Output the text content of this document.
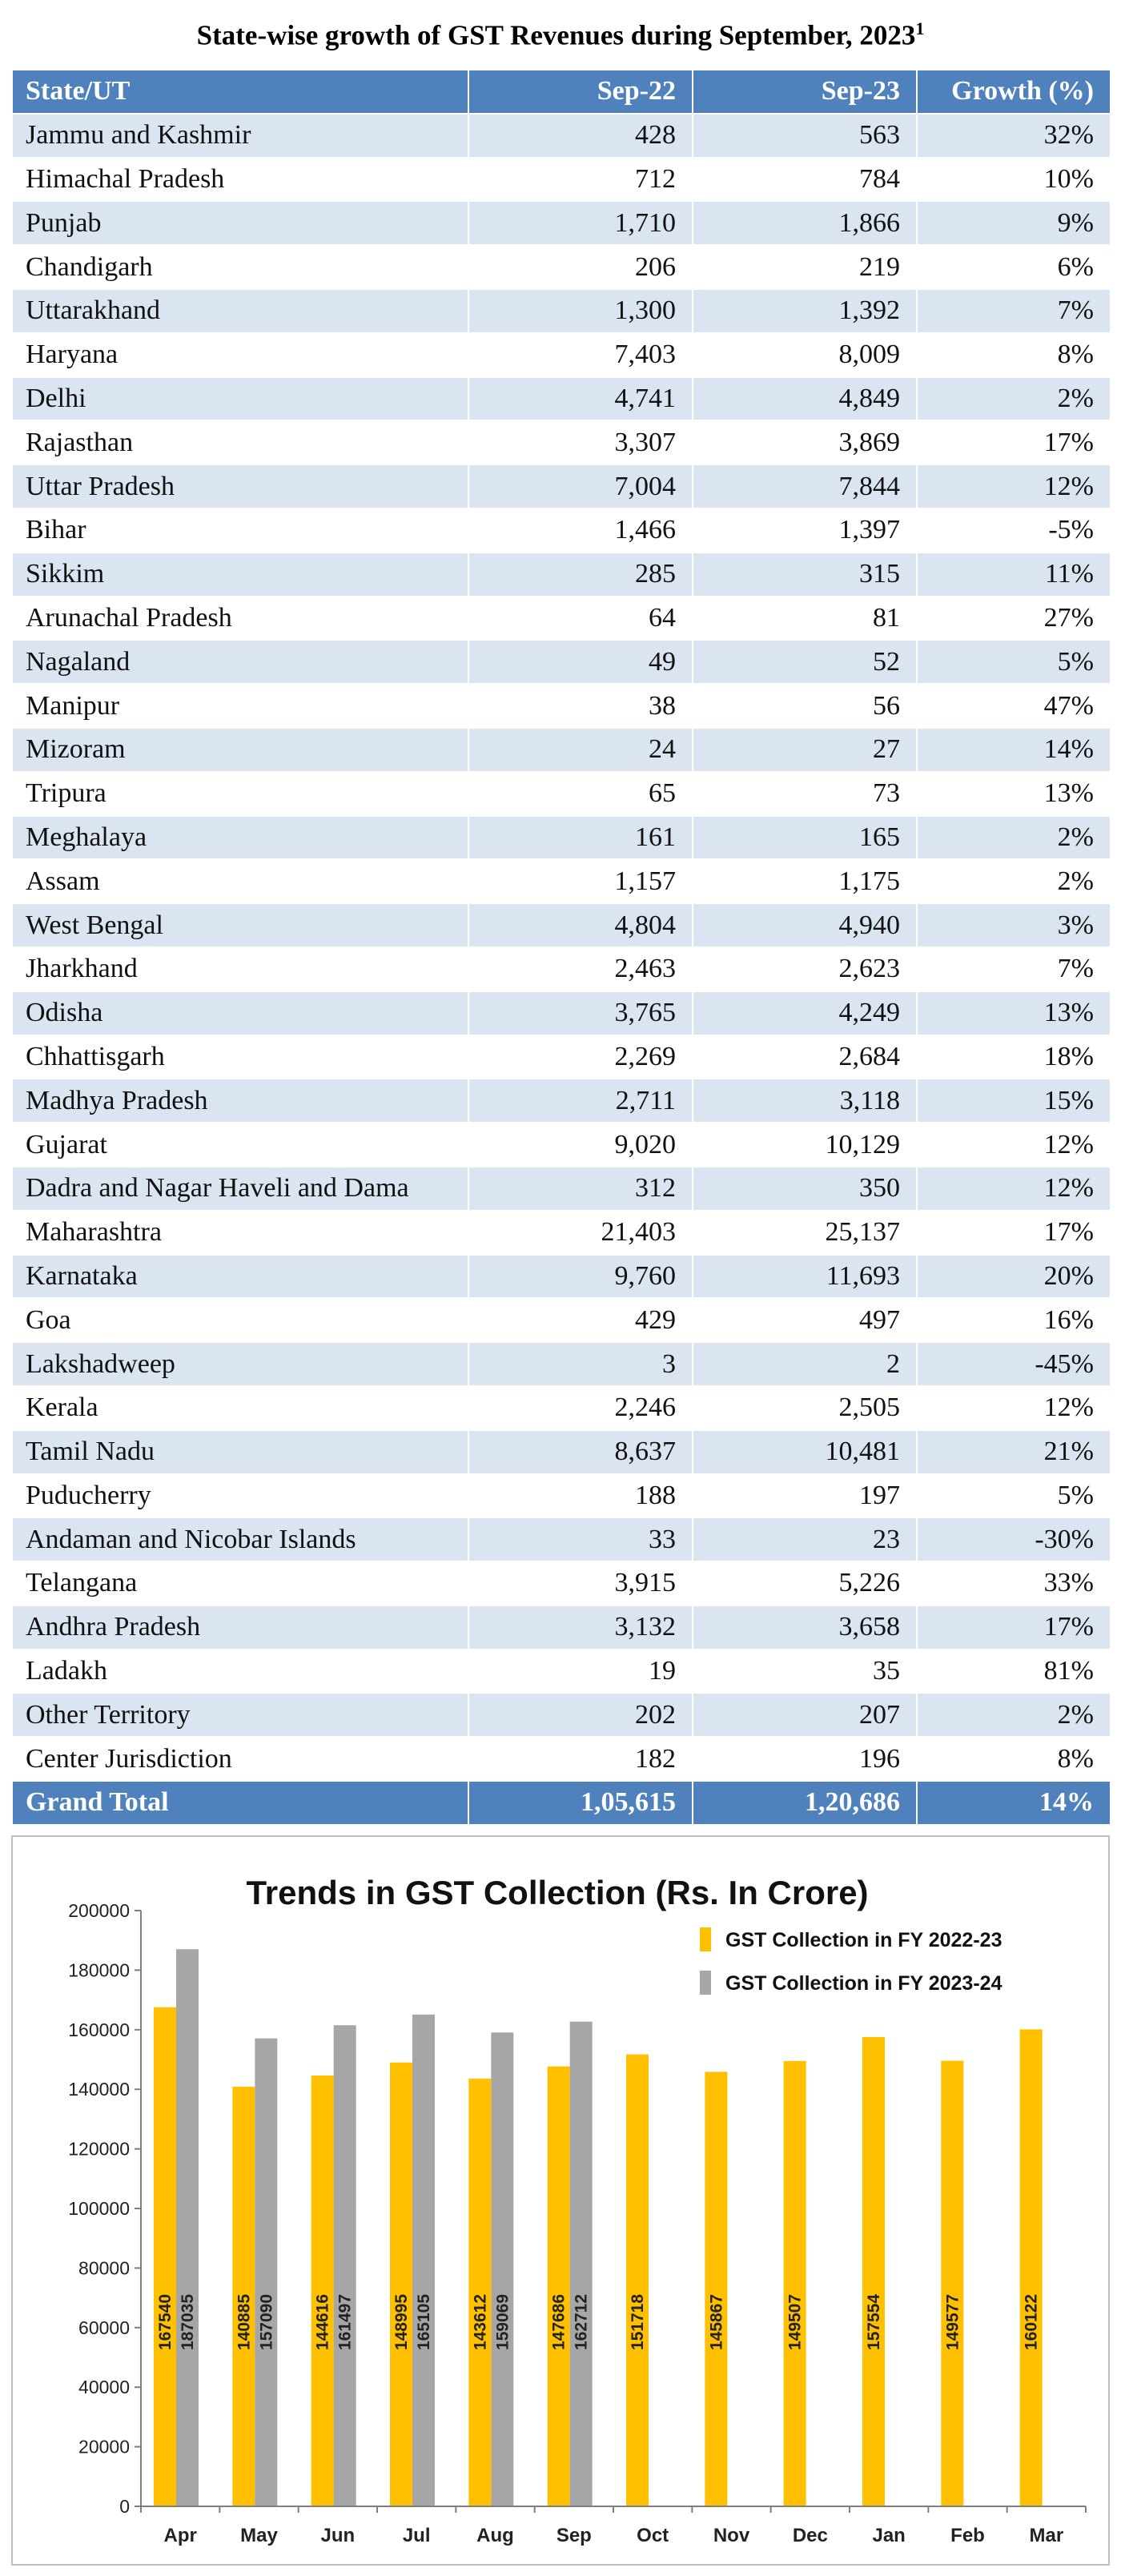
State-wise growth of GST Revenues during September, 2023$^1$
State/UT	Sep-22	Sep-23	Growth (%)
Jammu and Kashmir	428	563	32%
Himachal Pradesh	712	784	10%
Punjab	1,710	1,866	9%
Chandigarh	206	219	6%
Uttarakhand	1,300	1,392	7%
Haryana	7,403	8,009	8%
Delhi	4,741	4,849	2%
Rajasthan	3,307	3,869	17%
Uttar Pradesh	7,004	7,844	12%
Bihar	1,466	1,397	-5%
Sikkim	285	315	11%
Arunachal Pradesh	64	81	27%
Nagaland	49	52	5%
Manipur	38	56	47%
Mizoram	24	27	14%
Tripura	65	73	13%
Meghalaya	161	165	2%
Assam	1,157	1,175	2%
West Bengal	4,804	4,940	3%
Jharkhand	2,463	2,623	7%
Odisha	3,765	4,249	13%
Chhattisgarh	2,269	2,684	18%
Madhya Pradesh	2,711	3,118	15%
Gujarat	9,020	10,129	12%
Dadra and Nagar Haveli and Dama	312	350	12%
Maharashtra	21,403	25,137	17%
Karnataka	9,760	11,693	20%
Goa	429	497	16%
Lakshadweep	3	2	-45%
Kerala	2,246	2,505	12%
Tamil Nadu	8,637	10,481	21%
Puducherry	188	197	5%
Andaman and Nicobar Islands	33	23	-30%
Telangana	3,915	5,226	33%
Andhra Pradesh	3,132	3,658	17%
Ladakh	19	35	81%
Other Territory	202	207	2%
Center Jurisdiction	182	196	8%
Grand Total	1,05,615	1,20,686	14%
Trends in GST Collection (Rs. In Crore)
0
20000
40000
60000
80000
100000
120000
140000
160000
180000
200000
167540 187035 140885 157090 144616 161497 148995 165105 143612 159069 147686 162712 151718	145867	149507	157554	149577	160122
Apr May Jun Jul Aug Sep Oct Nov Dec Jan Feb Mar
GST Collection in FY 2022-23
GST Collection in FY 2023-24
